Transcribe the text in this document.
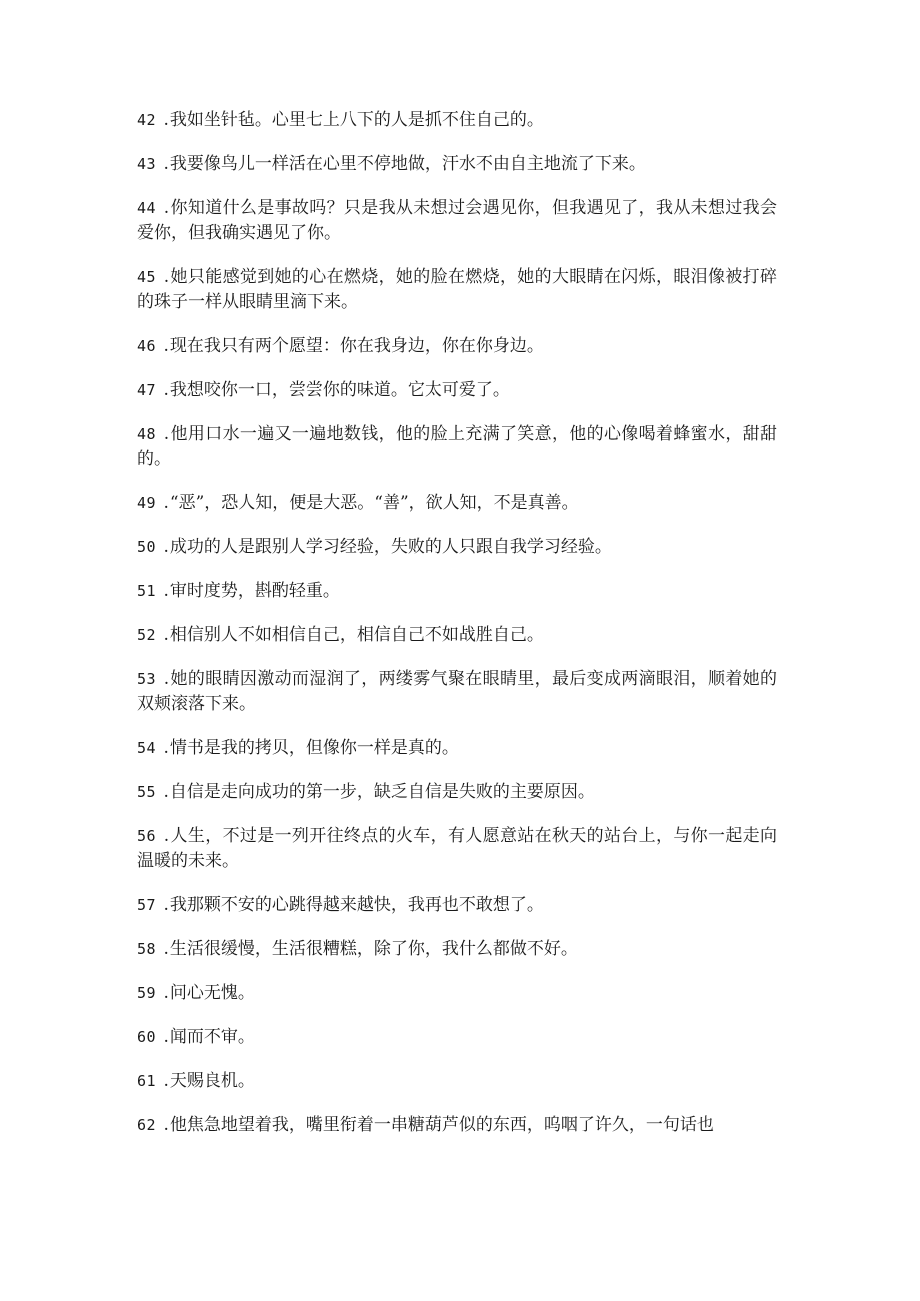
42 .我如坐针毡。心里七上八下的人是抓不住自己的。
43 .我要像鸟儿一样活在心里不停地做，汗水不由自主地流了下来。
44 .你知道什么是事故吗？只是我从未想过会遇见你，但我遇见了，我从未想过我会爱你，但我确实遇见了你。
45 .她只能感觉到她的心在燃烧，她的脸在燃烧，她的大眼睛在闪烁，眼泪像被打碎的珠子一样从眼睛里滴下来。
46 .现在我只有两个愿望：你在我身边，你在你身边。
47 .我想咬你一口，尝尝你的味道。它太可爱了。
48 .他用口水一遍又一遍地数钱，他的脸上充满了笑意，他的心像喝着蜂蜜水，甜甜的。
49 .“恶”，恐人知，便是大恶。“善”，欲人知，不是真善。
50 .成功的人是跟别人学习经验，失败的人只跟自我学习经验。
51 .审时度势，斟酌轻重。
52 .相信别人不如相信自己，相信自己不如战胜自己。
53 .她的眼睛因激动而湿润了，两缕雾气聚在眼睛里，最后变成两滴眼泪，顺着她的双颊滚落下来。
54 .情书是我的拷贝，但像你一样是真的。
55 .自信是走向成功的第一步，缺乏自信是失败的主要原因。
56 .人生，不过是一列开往终点的火车，有人愿意站在秋天的站台上，与你一起走向温暖的未来。
57 .我那颗不安的心跳得越来越快，我再也不敢想了。
58 .生活很缓慢，生活很糟糕，除了你，我什么都做不好。
59 .问心无愧。
60 .闻而不审。
61 .天赐良机。
62 .他焦急地望着我，嘴里衔着一串糖葫芦似的东西，呜咽了许久，一句话也
